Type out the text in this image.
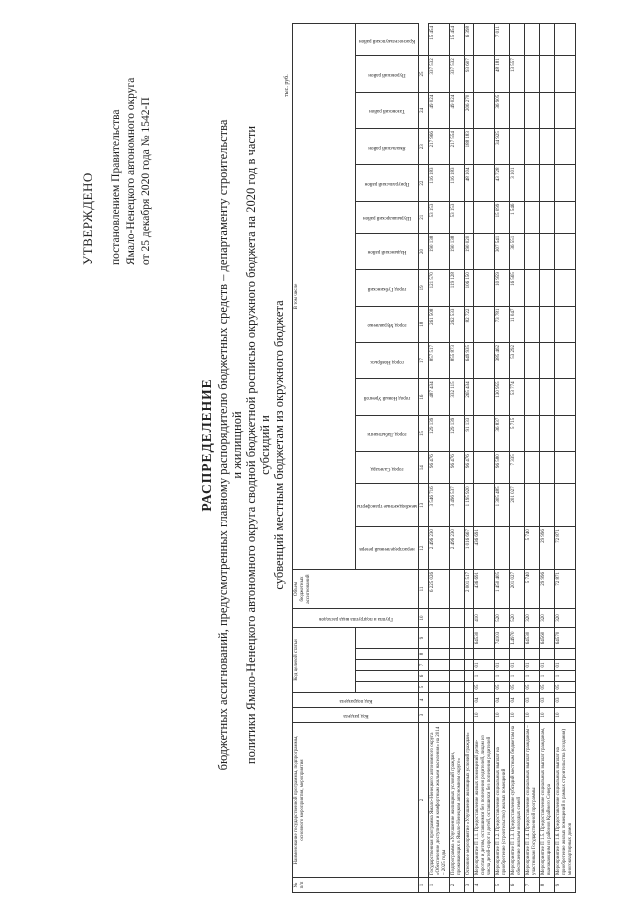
УТВЕРЖДЕНО постановлением Правительства Ямало-Ненецкого автономного округа от 25 декабря 2020 года № 1542-П
РАСПРЕДЕЛЕНИЕ бюджетных ассигнований, предусмотренных главному распорядителю бюджетных средств – департаменту строительства и жилищной политики Ямало-Ненецкого автономного округа сводной бюджетной росписью окружного бюджета на 2020 год в части субсидий и субвенций местным бюджетам из окружного бюджета
тыс. руб.
№ п/п	Наименование государственной программы, подпрограммы, основного мероприятия, мероприятия	Код раздела	Код подраздела	Код целевой статьи					Группа и подгруппа вида расходов	Объем бюджетных ассигнований	В том числе														

											нераспределенный резерв	межбюджетные трансферты	город Салехард	город Лабытнанги	город Новый Уренгой	город Ноябрьск	город Муравленко	город Губкинский	Надымский район	Шурышкарский район	Приуральский район	Ямальский район	Тазовский район	Пуровский район	Красноселькупский район

1	2	3	4	5	6	7	8	9	10	11	12	13	14	15	16	17	18	19	20	21	22	23	24	25	
1	Государственная программа Ямало-Ненецкого автономного округа «Обеспечение доступным и комфортным жильем населения» на 2014 – 2025 годы									6 225 026	2 496 230	3 546 716	96 476	129 139	487 434	857 517	261 508	121 570	190 138	53 153	116 183	217 966	49 024	337 532	15 454
2	Подпрограмма «Улучшение жилищных условий граждан, проживающих в Ямало-Ненецком автономном округе»										2 496 230	3 496 537	96 476	129 139	332 115	855 873	262 533	119 128	190 138	53 153	116 183	217 554	49 024	337 532	15 454
3	Основное мероприятие «Улучшение жилищных условий граждан»									2 001 517	1 016 667	1 195 920	96 476	91 133	265 434	649 935	82 722	106 150	190 020		48 104	188 183	206 270	93 607	6 398
4	Мероприятие П 1.1. Предоставление жилых помещений детям-сиротам и детям, оставшимся без попечения родителей, лицам из числа детей-сирот и детей, оставшихся без попечения родителей	10	04	05	1	01		64530	410	436 691	436 691														
5	Мероприятие П 1.2. Предоставление социальных выплат на приобретение (строительство) жилых помещений	10	04	05	1	01		74103	520	1 450 405		1 305 485	96 580	36 837	130 955	385 462	73 781	10 959	307 541	15 099	43 728	34 925	36 905	48 181	7 011
6	Мероприятие П 1.3. Предоставление субсидий местным бюджетам на обеспечение жильем молодых семей	10	04	05	1	01		L4970	520	201 027		201 027	7 335	5 715	53 774	53 292	11 047	16 565	36 551	1 546	3 101			13 557	
7	Мероприятие П 1.4. Предоставление социальных выплат гражданам – участникам Государственной программы	10	03	05	1	01		64530	320	5 740	5 740														
8	Мероприятие П 1.5. Предоставление социальных выплат гражданам, выезжающим из районов Крайнего Севера	10	03	05	1	01		64560	320	29 996	29 996														
9	Мероприятие П 1.6. Предоставление социальных выплат на приобретение жилых помещений в рамках строительства (создания) многоквартирных домов	10	03	05	1	01		64570	320	72 871	72 871														
